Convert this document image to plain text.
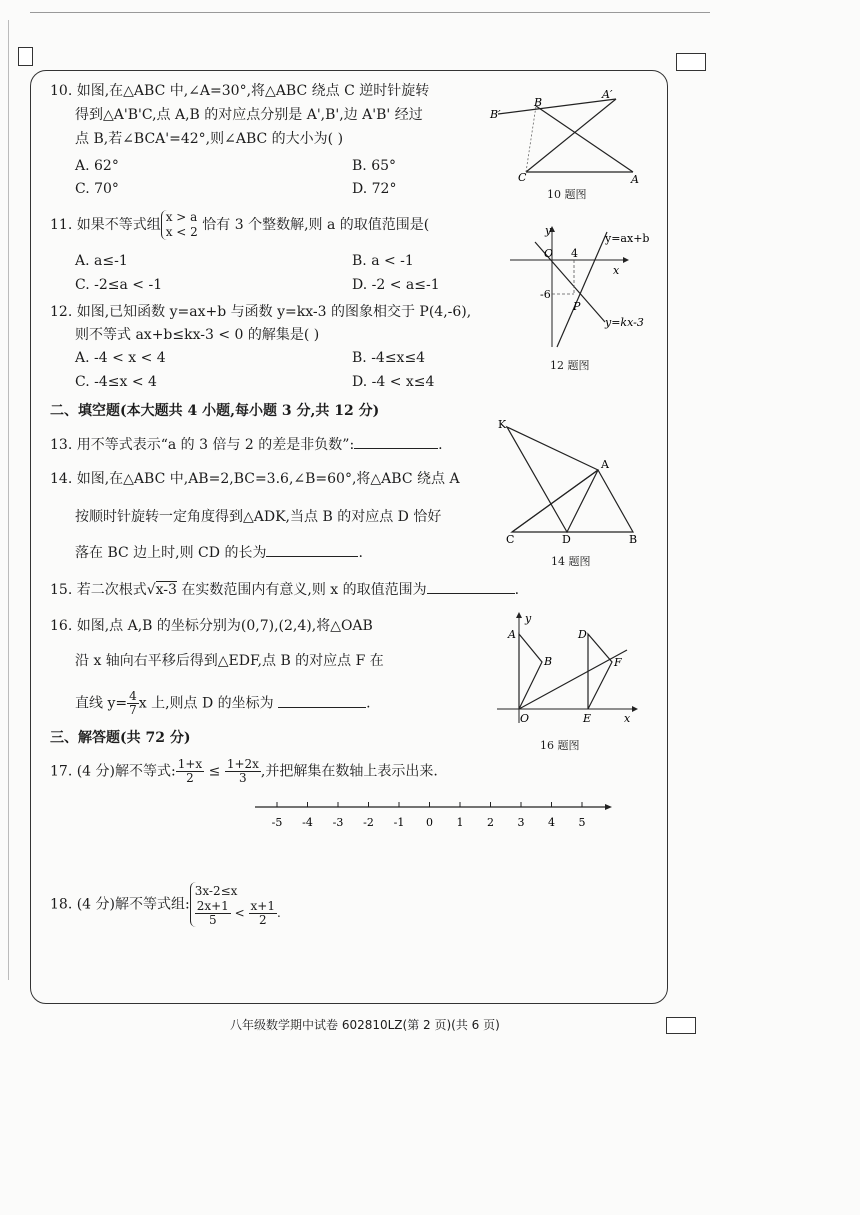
10. 如图,在△ABC 中,∠A=30°,将△ABC 绕点 C 逆时针旋转
得到△A'B'C,点 A,B 的对应点分别是 A',B',边 A'B' 经过
点 B,若∠BCA'=42°,则∠ABC 的大小为( )
A. 62°	B. 65°
C. 70°	D. 72°
B′
B
A′
C	A
10 题图
11. 如果不等式组 x > a
x < 2 恰有 3 个整数解,则 a 的取值范围是(
A. a≤-1	B. a < -1
C. -2≤a < -1	D. -2 < a≤-1
12. 如图,已知函数 y=ax+b 与函数 y=kx-3 的图象相交于 P(4,-6),
则不等式 ax+b≤kx-3 < 0 的解集是( )
A. -4 < x < 4	B. -4≤x≤4
C. -4≤x < 4	D. -4 < x≤4
y
x
O 4
-6
P
y=ax+b
y=kx-3
12 题图
二、填空题(本大题共 4 小题,每小题 3 分,共 12 分)
13. 用不等式表示“a 的 3 倍与 2 的差是非负数”:	.
14. 如图,在△ABC 中,AB=2,BC=3.6,∠B=60°,将△ABC 绕点 A
按顺时针旋转一定角度得到△ADK,当点 B 的对应点 D 恰好
落在 BC 边上时,则 CD 的长为	.
K
A
C	D	B
14 题图
15. 若二次根式√x-3 在实数范围内有意义,则 x 的取值范围为	.
16. 如图,点 A,B 的坐标分别为(0,7),(2,4),将△OAB
沿 x 轴向右平移后得到△EDF,点 B 的对应点 F 在
直线 $y= \frac{4}{7}$ x 上,则点 D 的坐标为	.
y
x
A
B
O
D
E
F
16 题图
三、解答题(共 72 分)
17. (4 分)解不等式: $\frac{1+x}{2} \le \frac{1+2x}{3}$ ,并把解集在数轴上表示出来.
-5 -4 -3 -2 -1 0 1 2 3 4 5
18. (4 分)解不等式组:3x-2≤x

$\frac{2x+1}{5} < \frac{x+1}{2}$ .
八年级数学期中试卷 602810LZ(第 2 页)(共 6 页)
